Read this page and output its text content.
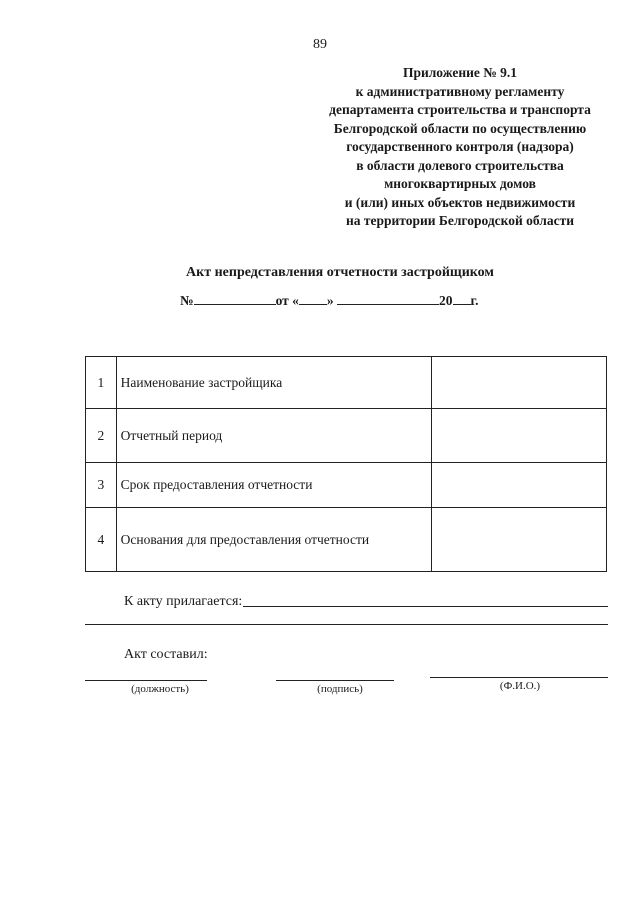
89
Приложение № 9.1
к административному регламенту
департамента строительства и транспорта
Белгородской области по осуществлению
государственного контроля (надзора)
в области долевого строительства
многоквартирных домов
и (или) иных объектов недвижимости
на территории Белгородской области
Акт непредставления отчетности застройщиком
№	от « »	20 г.
1	Наименование застройщика	
2	Отчетный период	
3	Срок предоставления отчетности	
4	Основания для предоставления отчетности	
К акту прилагается:
Акт составил:
(должность)	(подпись)	(Ф.И.О.)
